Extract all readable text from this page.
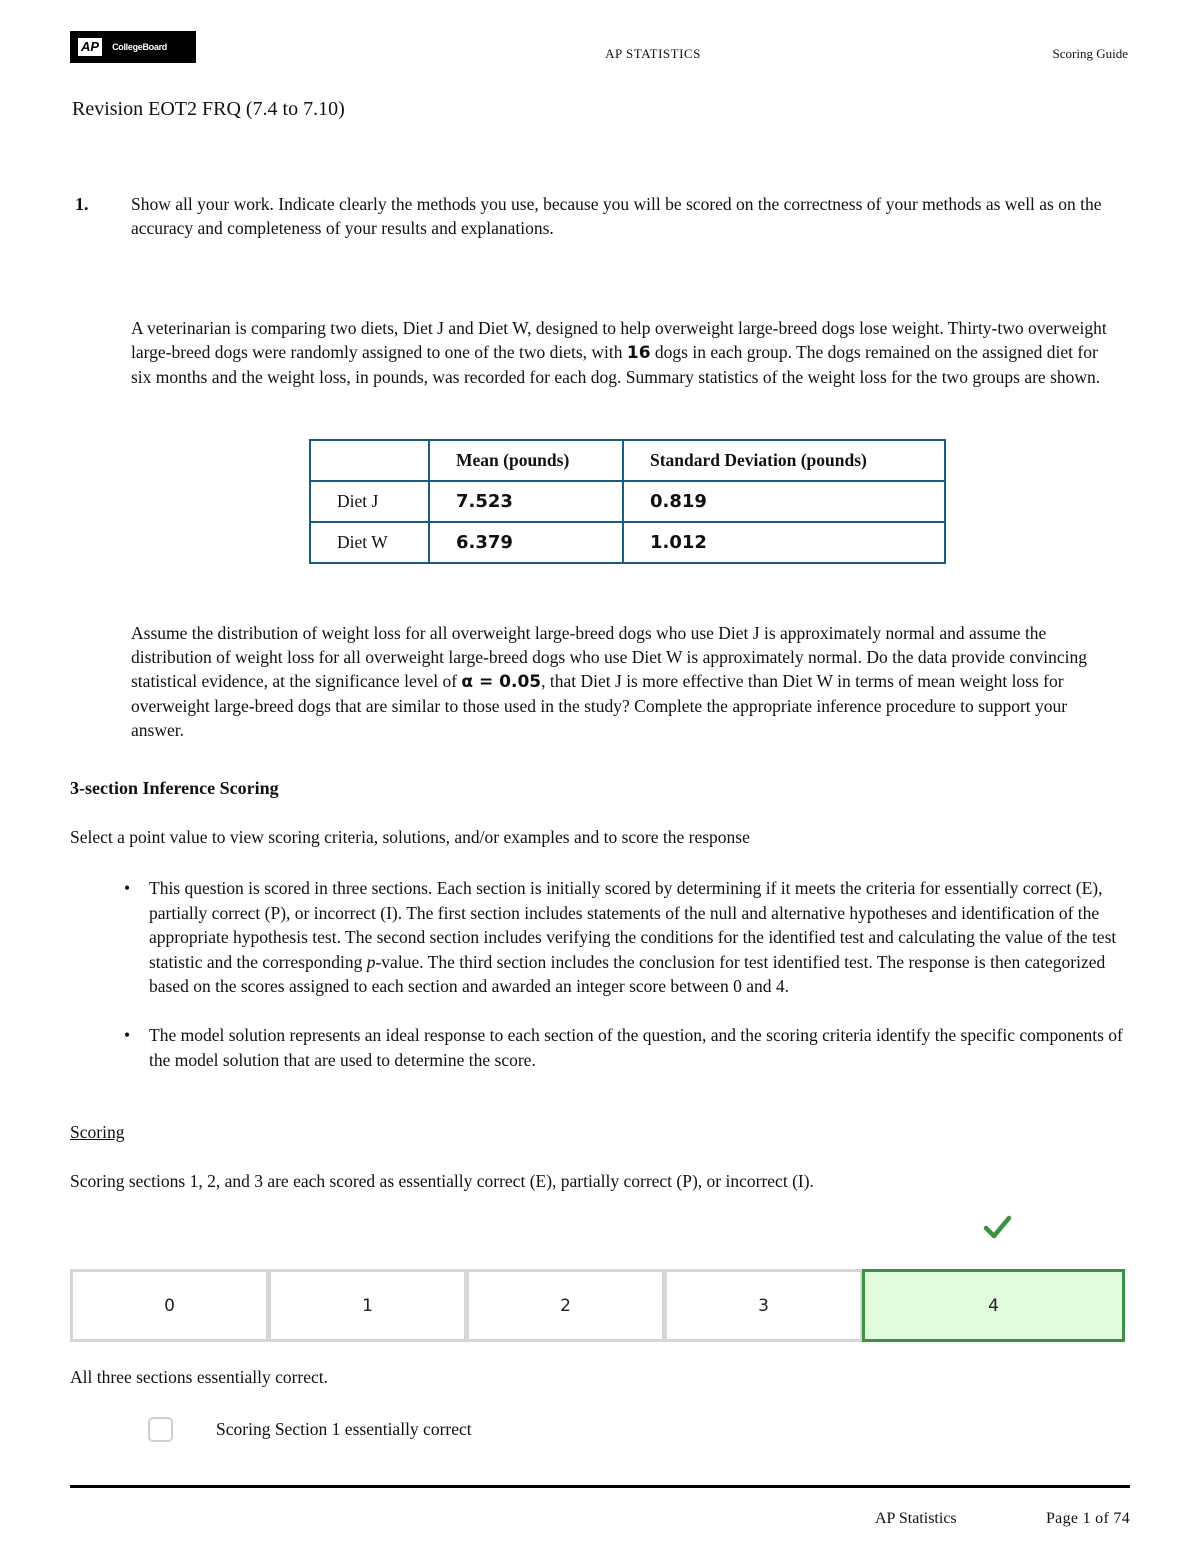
AP	CollegeBoard	AP STATISTICS	Scoring Guide
Revision EOT2 FRQ (7.4 to 7.10)
1. Show all your work. Indicate clearly the methods you use, because you will be scored on the correctness of your methods as well as on the accuracy and completeness of your results and explanations.
A veterinarian is comparing two diets, Diet J and Diet W, designed to help overweight large-breed dogs lose weight. Thirty-two overweight large-breed dogs were randomly assigned to one of the two diets, with 16 dogs in each group. The dogs remained on the assigned diet for six months and the weight loss, in pounds, was recorded for each dog. Summary statistics of the weight loss for the two groups are shown.
	Mean (pounds)	Standard Deviation (pounds)
Diet J	7.523	0.819
Diet W	6.379	1.012
Assume the distribution of weight loss for all overweight large-breed dogs who use Diet J is approximately normal and assume the distribution of weight loss for all overweight large-breed dogs who use Diet W is approximately normal. Do the data provide convincing statistical evidence, at the significance level of α = 0.05, that Diet J is more effective than Diet W in terms of mean weight loss for overweight large-breed dogs that are similar to those used in the study? Complete the appropriate inference procedure to support your answer.
3-section Inference Scoring
Select a point value to view scoring criteria, solutions, and/or examples and to score the response
• This question is scored in three sections. Each section is initially scored by determining if it meets the criteria for essentially correct (E), partially correct (P), or incorrect (I). The first section includes statements of the null and alternative hypotheses and identification of the appropriate hypothesis test. The second section includes verifying the conditions for the identified test and calculating the value of the test statistic and the corresponding p-value. The third section includes the conclusion for test identified test. The response is then categorized based on the scores assigned to each section and awarded an integer score between 0 and 4.
• The model solution represents an ideal response to each section of the question, and the scoring criteria identify the specific components of the model solution that are used to determine the score.
Scoring
Scoring sections 1, 2, and 3 are each scored as essentially correct (E), partially correct (P), or incorrect (I).
0	1	2	3	4
All three sections essentially correct.
Scoring Section 1 essentially correct
AP Statistics	Page 1 of 74
